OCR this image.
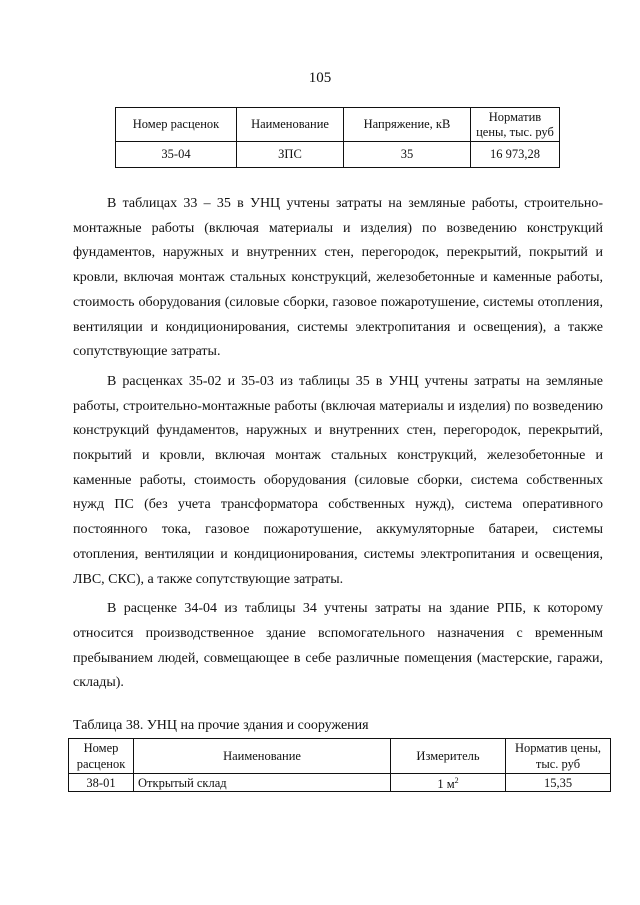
105
Номер расценок	Наименование	Напряжение, кВ	Норматив цены, тыс. руб
35-04	ЗПС	35	16 973,28

В таблицах 33 – 35 в УНЦ учтены затраты на земляные работы, строительно-монтажные работы (включая материалы и изделия) по возведению конструкций фундаментов, наружных и внутренних стен, перегородок, перекрытий, покрытий и кровли, включая монтаж стальных конструкций, железобетонные и каменные работы, стоимость оборудования (силовые сборки, газовое пожаротушение, системы отопления, вентиляции и кондиционирования, системы электропитания и освещения), а также сопутствующие затраты.

В расценках 35-02 и 35-03 из таблицы 35 в УНЦ учтены затраты на земляные работы, строительно-монтажные работы (включая материалы и изделия) по возведению конструкций фундаментов, наружных и внутренних стен, перегородок, перекрытий, покрытий и кровли, включая монтаж стальных конструкций, железобетонные и каменные работы, стоимость оборудования (силовые сборки, система собственных нужд ПС (без учета трансформатора собственных нужд), система оперативного постоянного тока, газовое пожаротушение, аккумуляторные батареи, системы отопления, вентиляции и кондиционирования, системы электропитания и освещения, ЛВС, СКС), а также сопутствующие затраты.

В расценке 34-04 из таблицы 34 учтены затраты на здание РПБ, к которому относится производственное здание вспомогательного назначения с временным пребыванием людей, совмещающее в себе различные помещения (мастерские, гаражи, склады).

Таблица 38. УНЦ на прочие здания и сооружения
Номер расценок	Наименование	Измеритель	Норматив цены, тыс. руб
38-01	Открытый склад	1 $м^2$	15,35
